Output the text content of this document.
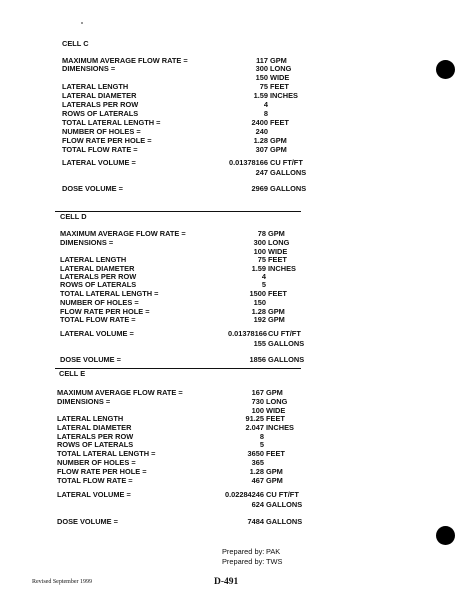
CELL C
MAXIMUM AVERAGE FLOW RATE =	117 GPM
DIMENSIONS =	300 LONG
150 WIDE
LATERAL LENGTH	75 FEET
LATERAL DIAMETER	1.59 INCHES
LATERALS PER ROW	4
ROWS OF LATERALS	8
TOTAL LATERAL LENGTH =	2400 FEET
NUMBER OF HOLES =	240
FLOW RATE PER HOLE =	1.28 GPM
TOTAL FLOW RATE =	307 GPM
LATERAL VOLUME =	0.01378166 CU FT/FT
247 GALLONS
DOSE VOLUME =	2969 GALLONS
CELL D
MAXIMUM AVERAGE FLOW RATE =	78 GPM
DIMENSIONS =	300 LONG
100 WIDE
LATERAL LENGTH	75 FEET
LATERAL DIAMETER	1.59 INCHES
LATERALS PER ROW	4
ROWS OF LATERALS	5
TOTAL LATERAL LENGTH =	1500 FEET
NUMBER OF HOLES =	150
FLOW RATE PER HOLE =	1.28 GPM
TOTAL FLOW RATE =	192 GPM
LATERAL VOLUME =	0.01378166 CU FT/FT
155 GALLONS
DOSE VOLUME =	1856 GALLONS
CELL E
MAXIMUM AVERAGE FLOW RATE =	167 GPM
DIMENSIONS =	730 LONG
100 WIDE
LATERAL LENGTH	91.25 FEET
LATERAL DIAMETER	2.047 INCHES
LATERALS PER ROW	8
ROWS OF LATERALS	5
TOTAL LATERAL LENGTH =	3650 FEET
NUMBER OF HOLES =	365
FLOW RATE PER HOLE =	1.28 GPM
TOTAL FLOW RATE =	467 GPM
LATERAL VOLUME =	0.02284246 CU FT/FT
624 GALLONS
DOSE VOLUME =	7484 GALLONS
Prepared by: PAK
Prepared by: TWS
Revised September 1999	D-491
